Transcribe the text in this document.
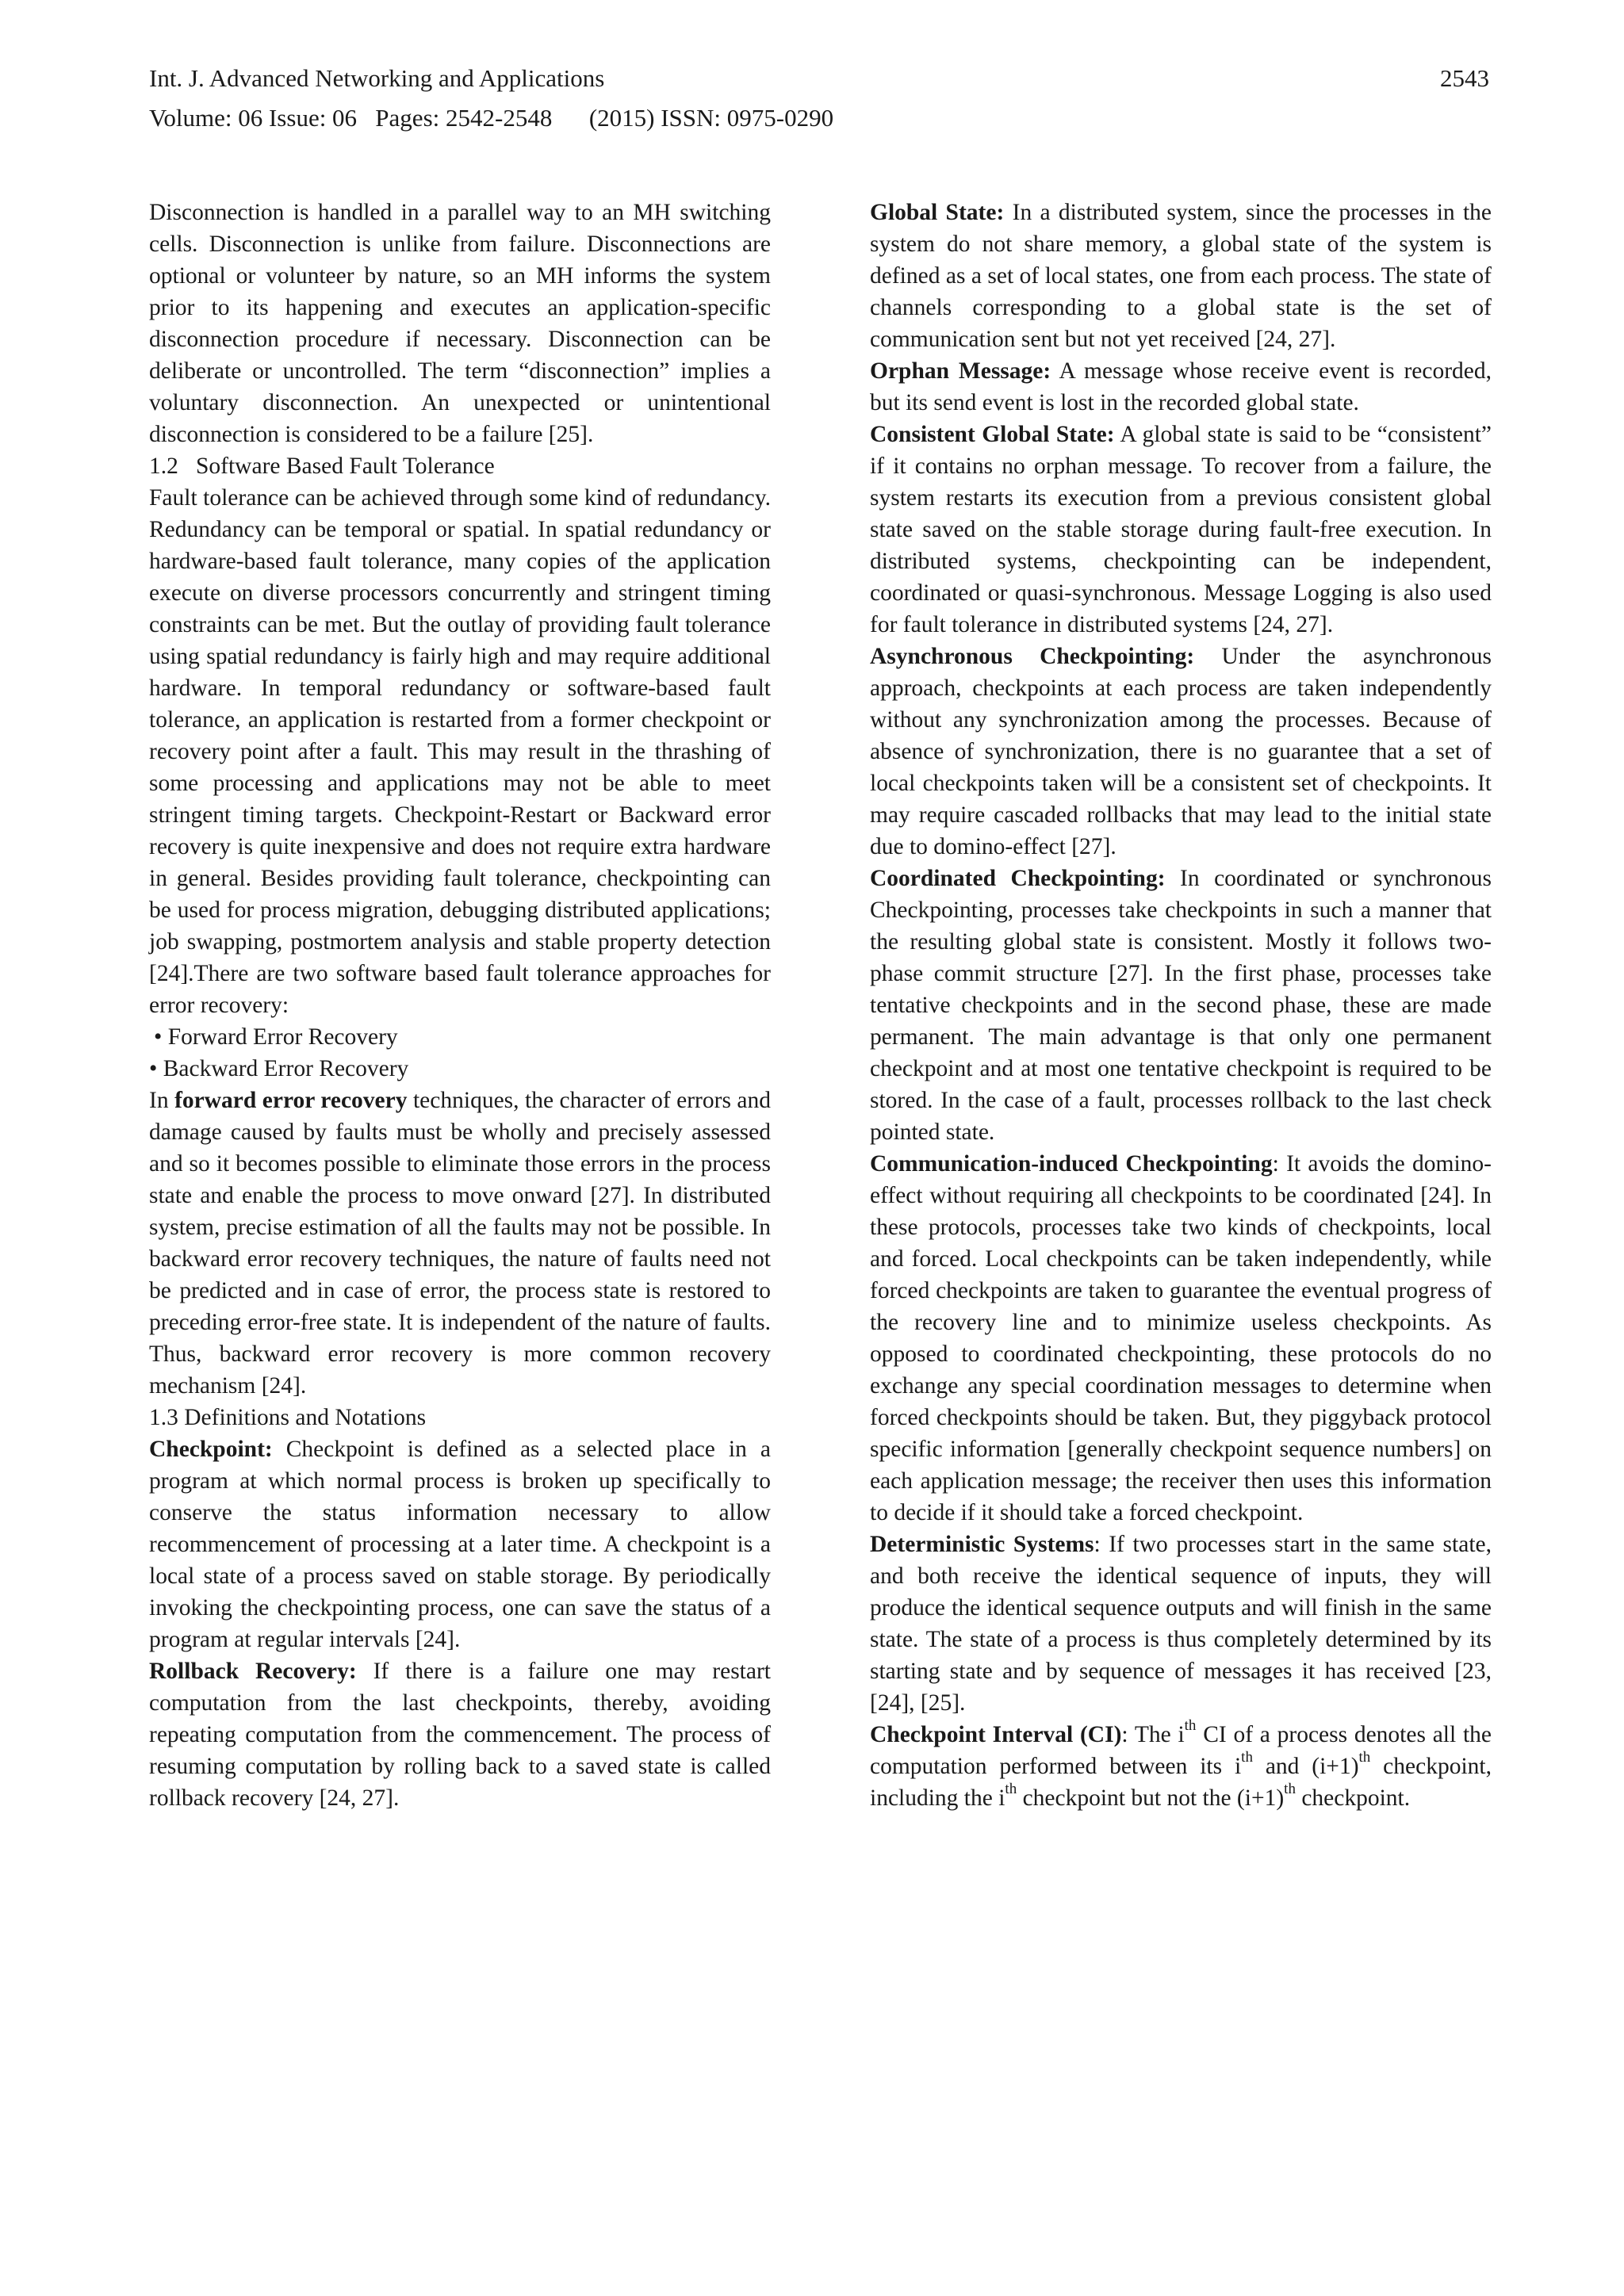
Int. J. Advanced Networking and Applications	2543
Volume: 06 Issue: 06   Pages: 2542-2548      (2015) ISSN: 0975-0290

Disconnection is handled in a parallel way to an MH switching cells. Disconnection is unlike from failure. Disconnections are optional or volunteer by nature, so an MH informs the system prior to its happening and executes an application-specific disconnection procedure if necessary. Disconnection can be deliberate or uncontrolled. The term “disconnection” implies a voluntary disconnection. An unexpected or unintentional disconnection is considered to be a failure [25].

1.2   Software Based Fault Tolerance

Fault tolerance can be achieved through some kind of redundancy. Redundancy can be temporal or spatial. In spatial redundancy or hardware-based fault tolerance, many copies of the application execute on diverse processors concurrently and stringent timing constraints can be met. But the outlay of providing fault tolerance using spatial redundancy is fairly high and may require additional hardware. In temporal redundancy or software-based fault tolerance, an application is restarted from a former checkpoint or recovery point after a fault. This may result in the thrashing of some processing and applications may not be able to meet stringent timing targets. Checkpoint-Restart or Backward error recovery is quite inexpensive and does not require extra hardware in general. Besides providing fault tolerance, checkpointing can be used for process migration, debugging distributed applications; job swapping, postmortem analysis and stable property detection [24].There are two software based fault tolerance approaches for error recovery:

• Forward Error Recovery

• Backward Error Recovery

In forward error recovery techniques, the character of errors and damage caused by faults must be wholly and precisely assessed and so it becomes possible to eliminate those errors in the process state and enable the process to move onward [27]. In distributed system, precise estimation of all the faults may not be possible. In backward error recovery techniques, the nature of faults need not be predicted and in case of error, the process state is restored to preceding error-free state. It is independent of the nature of faults. Thus, backward error recovery is more common recovery mechanism [24].

1.3 Definitions and Notations

Checkpoint: Checkpoint is defined as a selected place in a program at which normal process is broken up specifically to conserve the status information necessary to allow recommencement of processing at a later time. A checkpoint is a local state of a process saved on stable storage. By periodically invoking the checkpointing process, one can save the status of a program at regular intervals [24].

Rollback Recovery: If there is a failure one may restart computation from the last checkpoints, thereby, avoiding repeating computation from the commencement. The process of resuming computation by rolling back to a saved state is called rollback recovery [24, 27].

Global State: In a distributed system, since the processes in the system do not share memory, a global state of the system is defined as a set of local states, one from each process. The state of channels corresponding to a global state is the set of communication sent but not yet received [24, 27].

Orphan Message: A message whose receive event is recorded, but its send event is lost in the recorded global state.

Consistent Global State: A global state is said to be “consistent” if it contains no orphan message. To recover from a failure, the system restarts its execution from a previous consistent global state saved on the stable storage during fault-free execution. In distributed systems, checkpointing can be independent, coordinated or quasi-synchronous. Message Logging is also used for fault tolerance in distributed systems [24, 27].

Asynchronous Checkpointing: Under the asynchronous approach, checkpoints at each process are taken independently without any synchronization among the processes. Because of absence of synchronization, there is no guarantee that a set of local checkpoints taken will be a consistent set of checkpoints. It may require cascaded rollbacks that may lead to the initial state due to domino-effect [27].

Coordinated Checkpointing: In coordinated or synchronous Checkpointing, processes take checkpoints in such a manner that the resulting global state is consistent. Mostly it follows two-phase commit structure [27]. In the first phase, processes take tentative checkpoints and in the second phase, these are made permanent. The main advantage is that only one permanent checkpoint and at most one tentative checkpoint is required to be stored. In the case of a fault, processes rollback to the last check pointed state.

Communication-induced Checkpointing: It avoids the domino-effect without requiring all checkpoints to be coordinated [24]. In these protocols, processes take two kinds of checkpoints, local and forced. Local checkpoints can be taken independently, while forced checkpoints are taken to guarantee the eventual progress of the recovery line and to minimize useless checkpoints. As opposed to coordinated checkpointing, these protocols do no exchange any special coordination messages to determine when forced checkpoints should be taken. But, they piggyback protocol specific information [generally checkpoint sequence numbers] on each application message; the receiver then uses this information to decide if it should take a forced checkpoint.

Deterministic Systems: If two processes start in the same state, and both receive the identical sequence of inputs, they will produce the identical sequence outputs and will finish in the same state. The state of a process is thus completely determined by its starting state and by sequence of messages it has received [23, [24], [25].

Checkpoint Interval (CI): The $i^{th}$ CI of a process denotes all the computation performed between its $i^{th}$ and $(i+1)^{th}$ checkpoint, including the $i^{th}$ checkpoint but not the $(i+1)^{th}$ checkpoint.
